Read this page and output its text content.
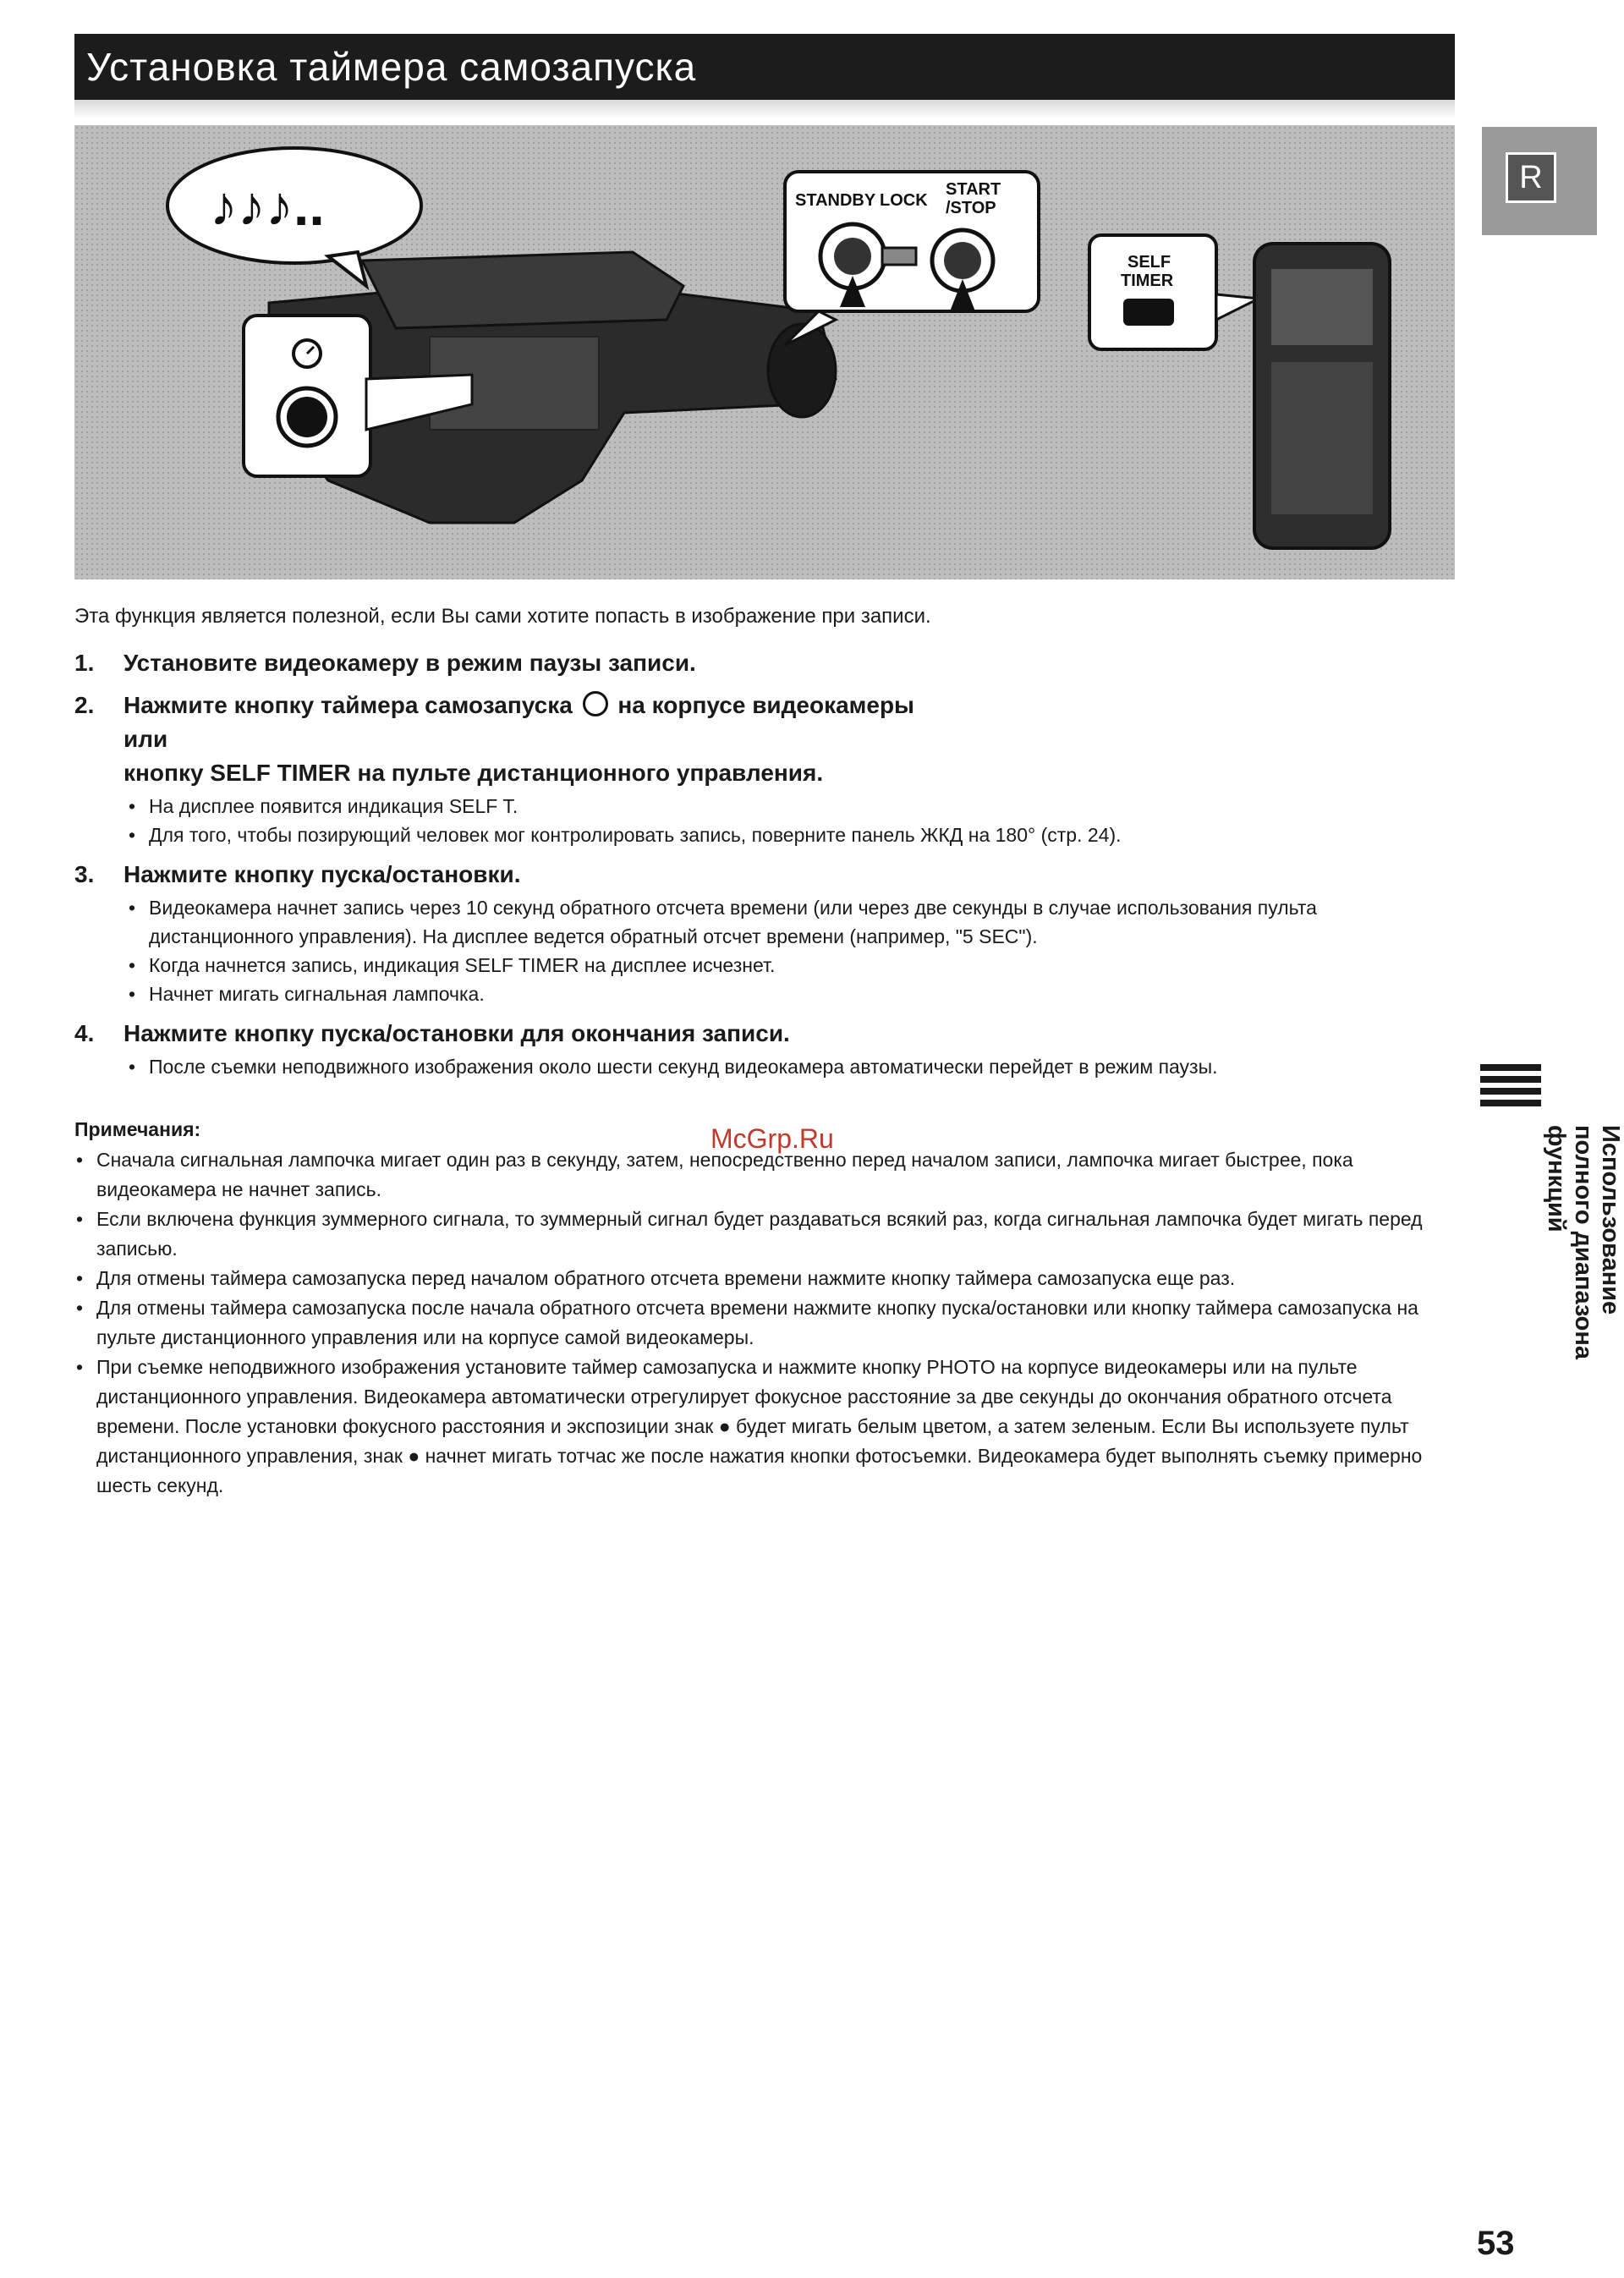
Установка таймера самозапуска
R
♪♪♪..	STANDBY LOCK
START
/STOP
SELF
TIMER

Эта функция является полезной, если Вы сами хотите попасть в изображение при записи.

1. Установите видеокамеру в режим паузы записи.
2. Нажмите кнопку таймера самозапуска на корпусе видеокамеры
или
кнопку SELF TIMER на пульте дистанционного управления.
• На дисплее появится индикация SELF T.
• Для того, чтобы позирующий человек мог контролировать запись, поверните панель ЖКД на 180° (стр. 24).
3. Нажмите кнопку пуска/остановки.
• Видеокамера начнет запись через 10 секунд обратного отсчета времени (или через две секунды в случае использования пульта дистанционного управления). На дисплее ведется обратный отсчет времени (например, "5 SEC").
• Когда начнется запись, индикация SELF TIMER на дисплее исчезнет.
• Начнет мигать сигнальная лампочка.
4. Нажмите кнопку пуска/остановки для окончания записи.
• После съемки неподвижного изображения около шести секунд видеокамера автоматически перейдет в режим паузы.
Примечания:
• Сначала сигнальная лампочка мигает один раз в секунду, затем, непосредственно перед началом записи, лампочка мигает быстрее, пока видеокамера не начнет запись.
• Если включена функция зуммерного сигнала, то зуммерный сигнал будет раздаваться всякий раз, когда сигнальная лампочка будет мигать перед записью.
• Для отмены таймера самозапуска перед началом обратного отсчета времени нажмите кнопку таймера самозапуска еще раз.
• Для отмены таймера самозапуска после начала обратного отсчета времени нажмите кнопку пуска/остановки или кнопку таймера самозапуска на пульте дистанционного управления или на корпусе самой видеокамеры.
• При съемке неподвижного изображения установите таймер самозапуска и нажмите кнопку PHOTO на корпусе видеокамеры или на пульте дистанционного управления. Видеокамера автоматически отрегулирует фокусное расстояние за две секунды до окончания обратного отсчета времени. После установки фокусного расстояния и экспозиции знак ● будет мигать белым цветом, а затем зеленым. Если Вы используете пульт дистанционного управления, знак ● начнет мигать тотчас же после нажатия кнопки фотосъемки. Видеокамера будет выполнять съемку примерно шесть секунд.
McGrp.Ru	Использование
полного диапазона
функций
53
